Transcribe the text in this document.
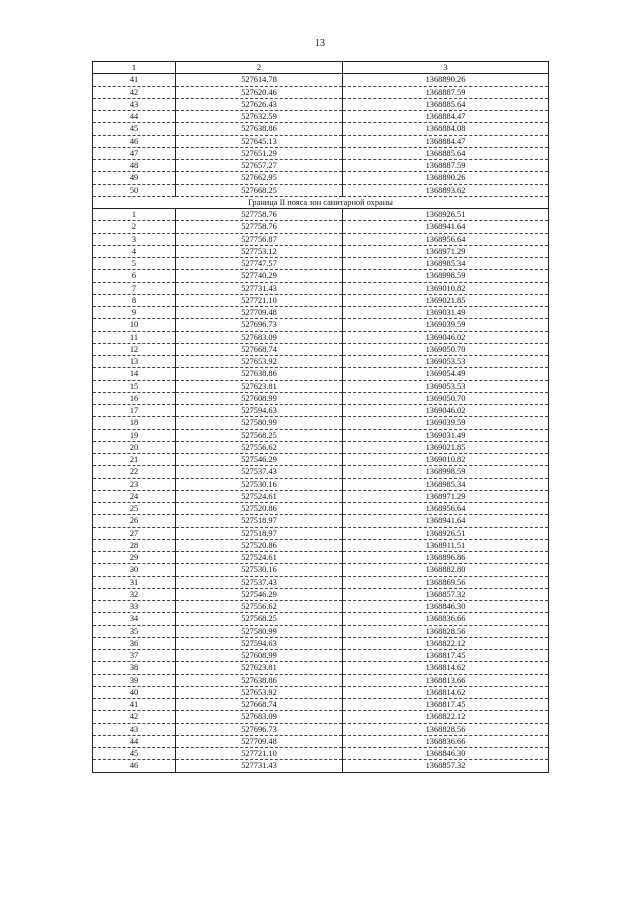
13
1	2	3
41	527614.78	1368890.26
42	527620.46	1368887.59
43	527626.43	1368885.64
44	527632.59	1368884.47
45	527638.86	1368884.08
46	527645.13	1368884.47
47	527651.29	1368885.64
48	527657.27	1368887.59
49	527662.95	1368890.26
50	527668.25	1368893.62
Граница II пояса зон санитарной охраны		
1	527758.76	1368926.51
2	527758.76	1368941.64
3	527756.87	1368956.64
4	527753.12	1368971.29
5	527747.57	1368985.34
6	527740.29	1368998.59
7	527731.43	1369010.82
8	527721.10	1369021.85
9	527709.48	1369031.49
10	527696.73	1369039.59
11	527683.09	1369046.02
12	527668.74	1369050.70
13	527653.92	1369053.53
14	527638.86	1369054.49
15	527623.81	1369053.53
16	527608.99	1369050.70
17	527594.63	1369046.02
18	527580.99	1369039.59
19	527568.25	1369031.49
20	527556.62	1369021.85
21	527546.29	1369010.82
22	527537.43	1368998.59
23	527530.16	1368985.34
24	527524.61	1368971.29
25	527520.86	1368956.64
26	527518.97	1368941.64
27	527518.97	1368926.51
28	527520.86	1368911.51
29	527524.61	1368896.86
30	527530.16	1368882.80
31	527537.43	1368869.56
32	527546.29	1368857.32
33	527556.62	1368846.30
34	527568.25	1368836.66
35	527580.99	1368828.56
36	527594.63	1368822.12
37	527608.99	1368817.45
38	527623.81	1368814.62
39	527638.86	1368813.66
40	527653.92	1368814.62
41	527668.74	1368817.45
42	527683.09	1368822.12
43	527696.73	1368828.56
44	527709.48	1368836.66
45	527721.10	1368846.30
46	527731.43	1368857.32
